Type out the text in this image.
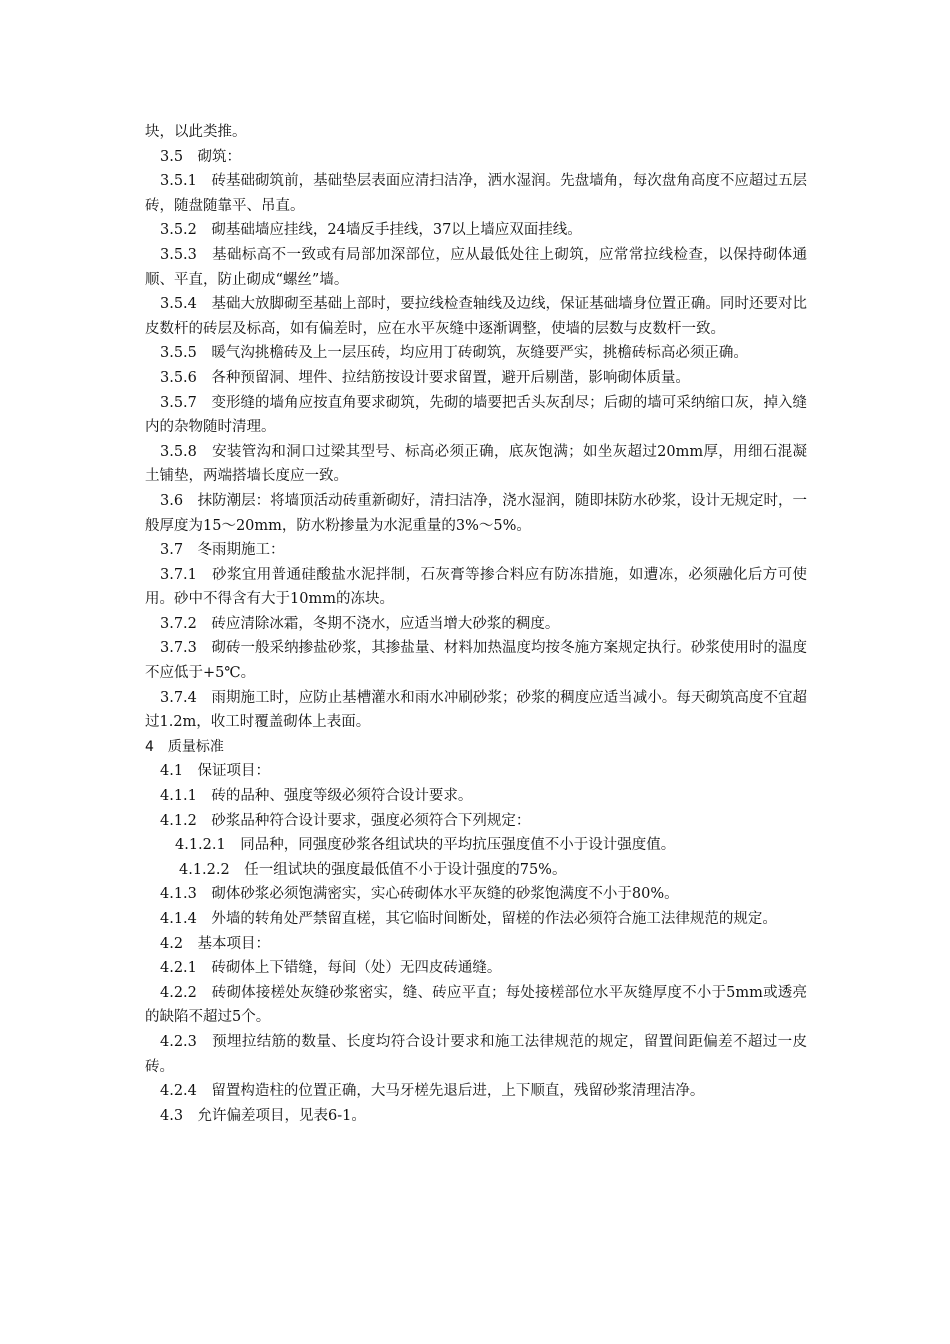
块，以此类推。

3.5　砌筑：

3.5.1　砖基础砌筑前，基础垫层表面应清扫洁净，洒水湿润。先盘墙角，每次盘角高度不应超过五层砖，随盘随靠平、吊直。

3.5.2　砌基础墙应挂线，24墙反手挂线，37以上墙应双面挂线。

3.5.3　基础标高不一致或有局部加深部位，应从最低处往上砌筑，应常常拉线检查，以保持砌体通顺、平直，防止砌成“螺丝”墙。

3.5.4　基础大放脚砌至基础上部时，要拉线检查轴线及边线，保证基础墙身位置正确。同时还要对比皮数杆的砖层及标高，如有偏差时，应在水平灰缝中逐渐调整，使墙的层数与皮数杆一致。

3.5.5　暖气沟挑檐砖及上一层压砖，均应用丁砖砌筑，灰缝要严实，挑檐砖标高必须正确。

3.5.6　各种预留洞、埋件、拉结筋按设计要求留置，避开后剔凿，影响砌体质量。

3.5.7　变形缝的墙角应按直角要求砌筑，先砌的墙要把舌头灰刮尽；后砌的墙可采纳缩口灰，掉入缝内的杂物随时清理。

3.5.8　安装管沟和洞口过梁其型号、标高必须正确，底灰饱满；如坐灰超过20mm厚，用细石混凝土铺垫，两端搭墙长度应一致。

3.6　抹防潮层：将墙顶活动砖重新砌好，清扫洁净，浇水湿润，随即抹防水砂浆，设计无规定时，一般厚度为15～20mm，防水粉掺量为水泥重量的3%～5%。

3.7　冬雨期施工：

3.7.1　砂浆宜用普通硅酸盐水泥拌制，石灰膏等掺合料应有防冻措施，如遭冻，必须融化后方可使用。砂中不得含有大于10mm的冻块。

3.7.2　砖应清除冰霜，冬期不浇水，应适当增大砂浆的稠度。

3.7.3　砌砖一般采纳掺盐砂浆，其掺盐量、材料加热温度均按冬施方案规定执行。砂浆使用时的温度不应低于+5℃。

3.7.4　雨期施工时，应防止基槽灌水和雨水冲刷砂浆；砂浆的稠度应适当减小。每天砌筑高度不宜超过1.2m，收工时覆盖砌体上表面。

4　质量标准

4.1　保证项目：

4.1.1　砖的品种、强度等级必须符合设计要求。

4.1.2　砂浆品种符合设计要求，强度必须符合下列规定：

4.1.2.1　同品种，同强度砂浆各组试块的平均抗压强度值不小于设计强度值。

4.1.2.2　任一组试块的强度最低值不小于设计强度的75%。

4.1.3　砌体砂浆必须饱满密实，实心砖砌体水平灰缝的砂浆饱满度不小于80%。

4.1.4　外墙的转角处严禁留直槎，其它临时间断处，留槎的作法必须符合施工法律规范的规定。

4.2　基本项目：

4.2.1　砖砌体上下错缝，每间（处）无四皮砖通缝。

4.2.2　砖砌体接槎处灰缝砂浆密实，缝、砖应平直；每处接槎部位水平灰缝厚度不小于5mm或透亮的缺陷不超过5个。

4.2.3　预埋拉结筋的数量、长度均符合设计要求和施工法律规范的规定，留置间距偏差不超过一皮砖。

4.2.4　留置构造柱的位置正确，大马牙槎先退后进，上下顺直，残留砂浆清理洁净。

4.3　允许偏差项目，见表6-1。
